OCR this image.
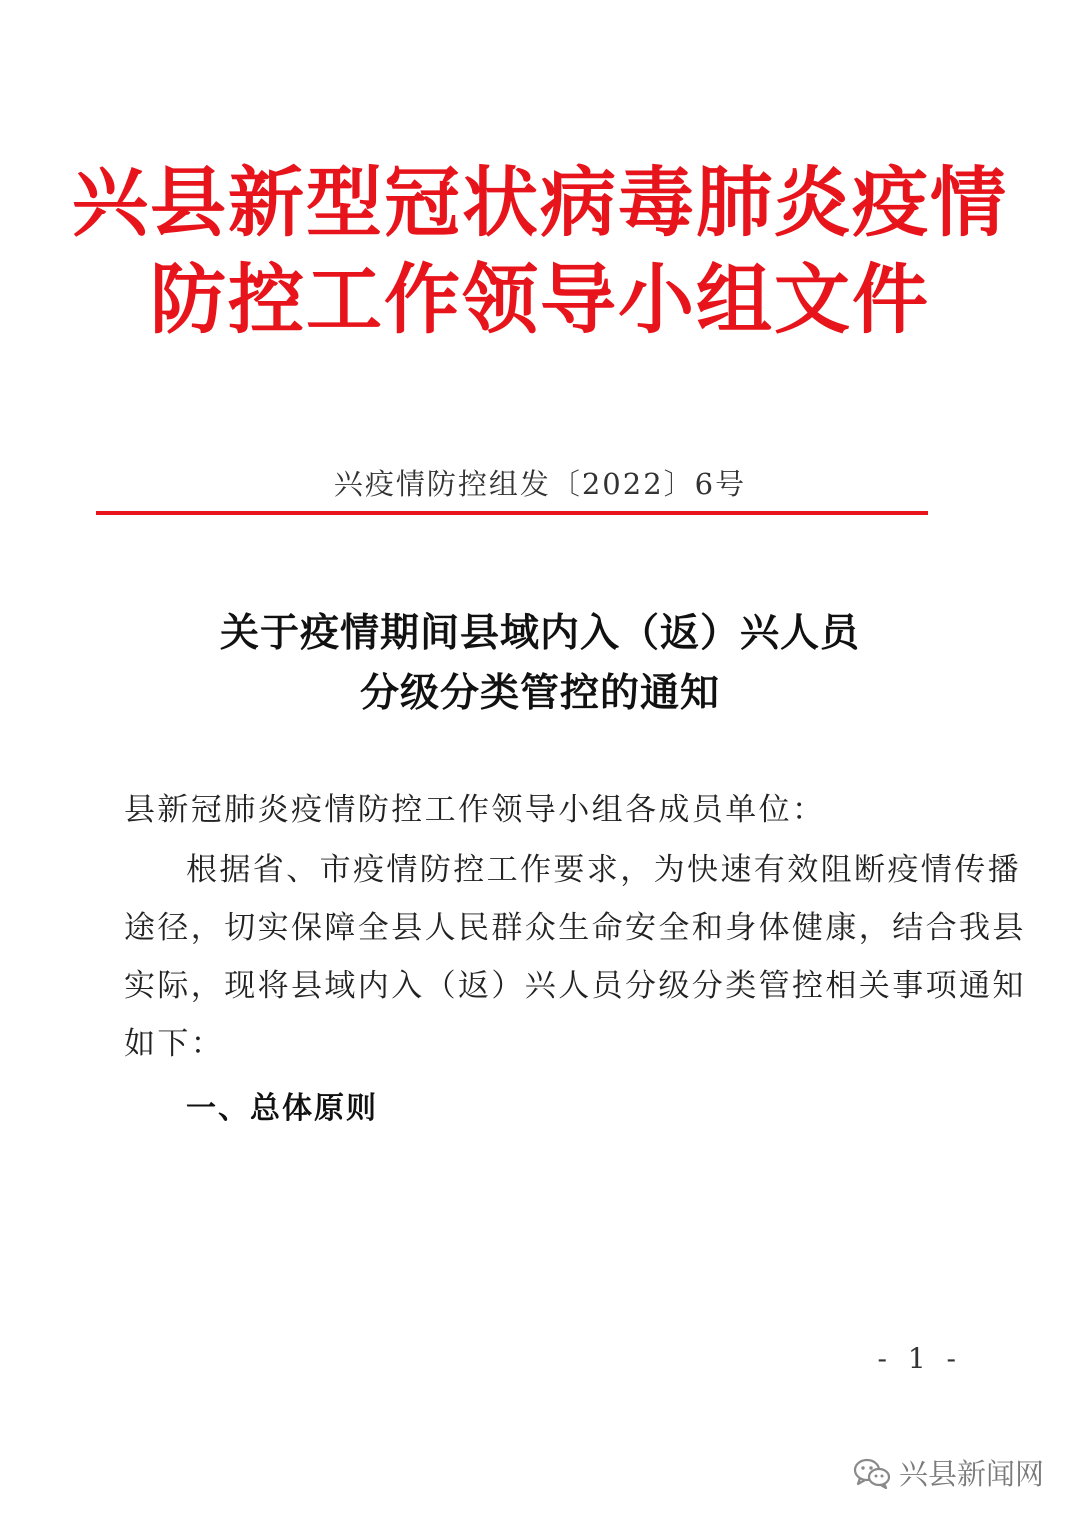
兴县新型冠状病毒肺炎疫情
防控工作领导小组文件
兴疫情防控组发〔2022〕6号
关于疫情期间县域内入（返）兴人员
分级分类管控的通知
县新冠肺炎疫情防控工作领导小组各成员单位：
根据省、市疫情防控工作要求，为快速有效阻断疫情传播
途径，切实保障全县人民群众生命安全和身体健康，结合我县
实际，现将县域内入（返）兴人员分级分类管控相关事项通知
如下：
一、总体原则
- 1 -
兴县新闻网
